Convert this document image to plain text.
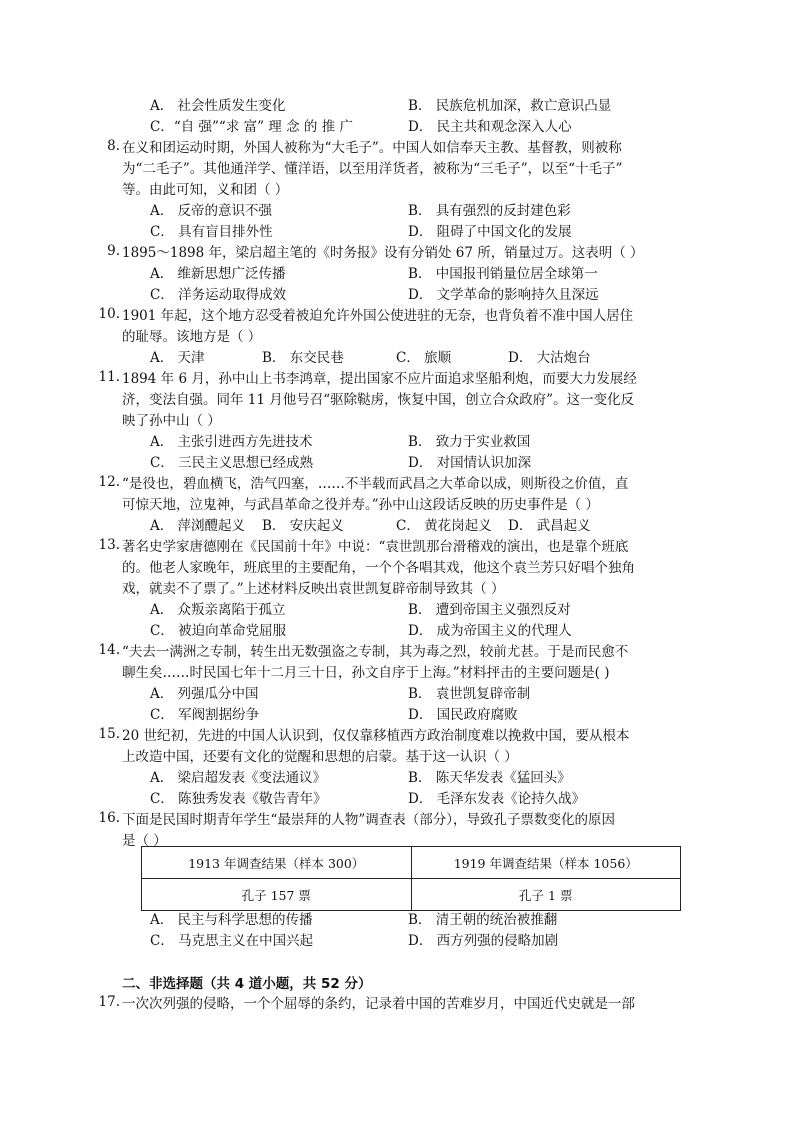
A． 社会性质发生变化	B． 民族危机加深，救亡意识凸显
C．“自 强”“求 富” 理 念 的 推 广	D． 民主共和观念深入人心
8. 在义和团运动时期，外国人被称为“大毛子”。中国人如信奉天主教、基督教，则被称
为“二毛子”。其他通洋学、懂洋语，以至用洋货者，被称为“三毛子”，以至“十毛子”
等。由此可知，义和团（ ）
A． 反帝的意识不强	B． 具有强烈的反封建色彩
C． 具有盲目排外性	D． 阻碍了中国文化的发展
9. 1895～1898 年，梁启超主笔的《时务报》设有分销处 67 所，销量过万。这表明（ ）
A． 维新思想广泛传播	B． 中国报刊销量位居全球第一
C． 洋务运动取得成效	D． 文学革命的影响持久且深远
10. 1901 年起，这个地方忍受着被迫允许外国公使进驻的无奈，也背负着不准中国人居住
的耻辱。该地方是（ ）
A． 天津	B． 东交民巷	C． 旅顺	D． 大沽炮台
11. 1894 年 6 月，孙中山上书李鸿章，提出国家不应片面追求坚船利炮，而要大力发展经
济，变法自强。同年 11 月他号召“驱除鞑虏，恢复中国，创立合众政府”。这一变化反
映了孙中山（ ）
A． 主张引进西方先进技术	B． 致力于实业救国
C． 三民主义思想已经成熟	D． 对国情认识加深
12. “是役也，碧血横飞，浩气四塞，……不半载而武昌之大革命以成，则斯役之价值，直
可惊天地，泣鬼神，与武昌革命之役并寿。”孙中山这段话反映的历史事件是（ ）
A． 萍浏醴起义 B． 安庆起义	C． 黄花岗起义 D． 武昌起义
13. 著名史学家唐德刚在《民国前十年》中说：“袁世凯那台滑稽戏的演出，也是靠个班底
的。他老人家晚年，班底里的主要配角，一个个各唱其戏，他这个袁兰芳只好唱个独角
戏，就卖不了票了。”上述材料反映出袁世凯复辟帝制导致其（ ）
A． 众叛亲离陷于孤立	B． 遭到帝国主义强烈反对
C． 被迫向革命党屈服	D． 成为帝国主义的代理人
14. “夫去一满洲之专制，转生出无数强盗之专制，其为毒之烈，较前尤甚。于是而民愈不
聊生矣……时民国七年十二月三十日，孙文自序于上海。”材料抨击的主要问题是( )
A． 列强瓜分中国	B． 袁世凯复辟帝制
C． 军阀割据纷争	D． 国民政府腐败
15. 20 世纪初，先进的中国人认识到，仅仅靠移植西方政治制度难以挽救中国，要从根本
上改造中国，还要有文化的觉醒和思想的启蒙。基于这一认识（ ）
A． 梁启超发表《变法通议》	B． 陈天华发表《猛回头》
C． 陈独秀发表《敬告青年》	D． 毛泽东发表《论持久战》
16. 下面是民国时期青年学生“最崇拜的人物”调查表（部分），导致孔子票数变化的原因
是（ ）
1913 年调查结果（样本 300）	1919 年调查结果（样本 1056）
孔子 157 票	孔子 1 票
A． 民主与科学思想的传播	B． 清王朝的统治被推翻
C． 马克思主义在中国兴起	D． 西方列强的侵略加剧
二、非选择题（共 4 道小题，共 52 分）
17. 一次次列强的侵略，一个个屈辱的条约，记录着中国的苦难岁月，中国近代史就是一部
